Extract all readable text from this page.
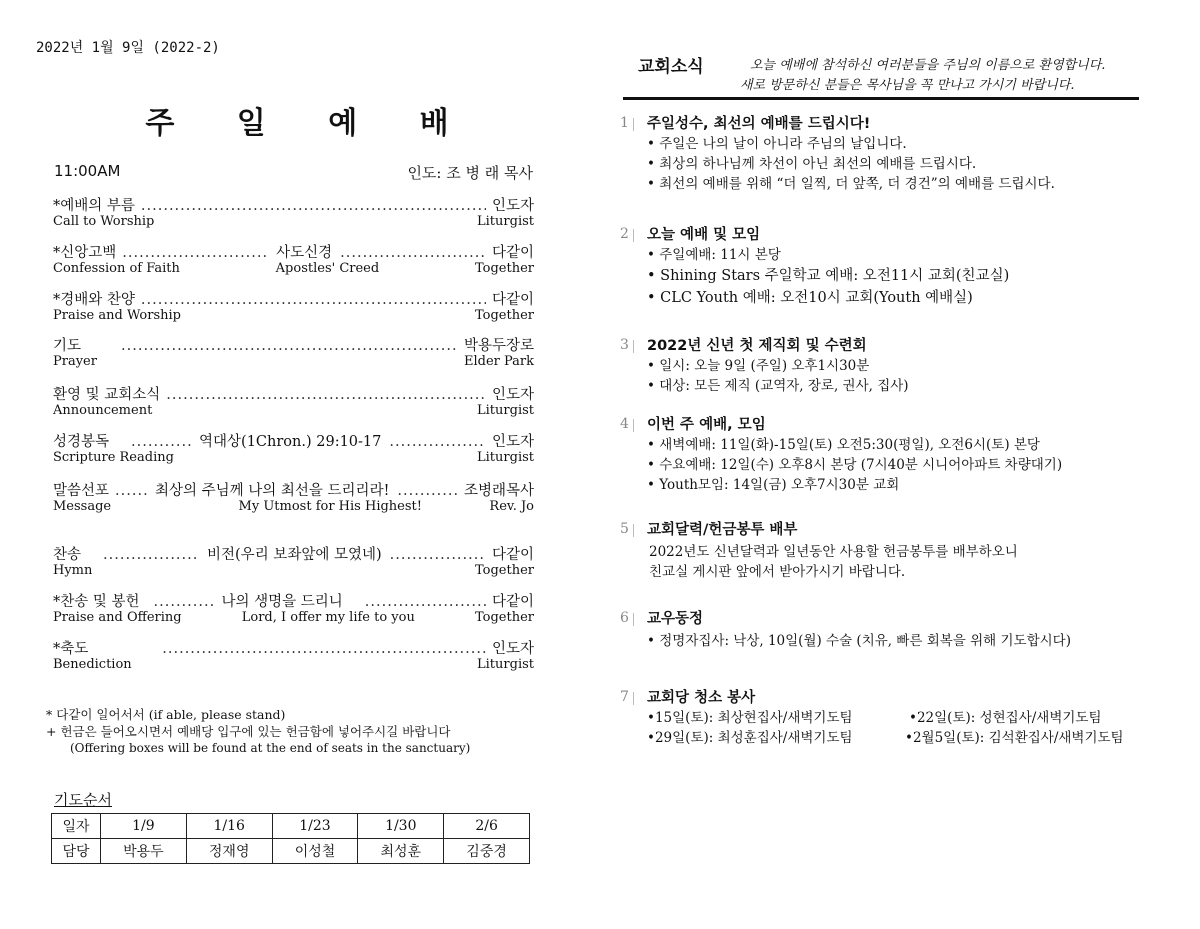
2022년 1월 9일 (2022-2)
주 일 예 배
11:00AM	인도: 조 병 래 목사
*예배의 부름 .....	인도자
Call to Worship	Liturgist
*신앙고백 .....	사도신경 .....	다같이
Confession of Faith	Apostles' Creed	Together
*경배와 찬양 .....	다같이
Praise and Worship	Together
기도 .....	박용두장로
Prayer	Elder Park
환영 및 교회소식 .....	인도자
Announcement	Liturgist
성경봉독 .....	역대상(1Chron.) 29:10-17 .....	인도자
Scripture Reading	Liturgist
말씀선포 .....	최상의 주님께 나의 최선을 드리리라! .....	조병래목사
Message	My Utmost for His Highest!	Rev. Jo
찬송 .....	비전(우리 보좌앞에 모였네) .....	다같이
Hymn	Together
*찬송 및 봉헌 .....	나의 생명을 드리니 .....	다같이
Praise and Offering	Lord, I offer my life to you	Together
*축도 .....	인도자
Benediction	Liturgist
* 다같이 일어서서 (if able, please stand)
+ 헌금은 들어오시면서 예배당 입구에 있는 헌금함에 넣어주시길 바랍니다
(Offering boxes will be found at the end of seats in the sanctuary)
기도순서
일자	1/9	1/16	1/23	1/30	2/6
담당	박용두	정재영	이성철	최성훈	김중경
교회소식	오늘 예배에 참석하신 여러분들을 주님의 이름으로 환영합니다.
새로 방문하신 분들은 목사님을 꼭 만나고 가시기 바랍니다.
1 주일성수, 최선의 예배를 드립시다!
• 주일은 나의 날이 아니라 주님의 날입니다.
• 최상의 하나님께 차선이 아닌 최선의 예배를 드립시다.
• 최선의 예배를 위해 “더 일찍, 더 앞쪽, 더 경건”의 예배를 드립시다.
2 오늘 예배 및 모임
• 주일예배: 11시 본당
• Shining Stars 주일학교 예배: 오전11시 교회(친교실)
• CLC Youth 예배: 오전10시 교회(Youth 예배실)
3 2022년 신년 첫 제직회 및 수련회
• 일시: 오늘 9일 (주일) 오후1시30분
• 대상: 모든 제직 (교역자, 장로, 권사, 집사)
4 이번 주 예배, 모임
• 새벽예배: 11일(화)-15일(토) 오전5:30(평일), 오전6시(토) 본당
• 수요예배: 12일(수) 오후8시 본당 (7시40분 시니어아파트 차량대기)
• Youth모임: 14일(금) 오후7시30분 교회
5 교회달력/헌금봉투 배부
2022년도 신년달력과 일년동안 사용할 헌금봉투를 배부하오니
친교실 게시판 앞에서 받아가시기 바랍니다.
6 교우동정
• 정명자집사: 낙상, 10일(월) 수술 (치유, 빠른 회복을 위해 기도합시다)
7 교회당 청소 봉사
•15일(토): 최상현집사/새벽기도팀	•22일(토): 성현집사/새벽기도팀
•29일(토): 최성훈집사/새벽기도팀	•2월5일(토): 김석환집사/새벽기도팀
